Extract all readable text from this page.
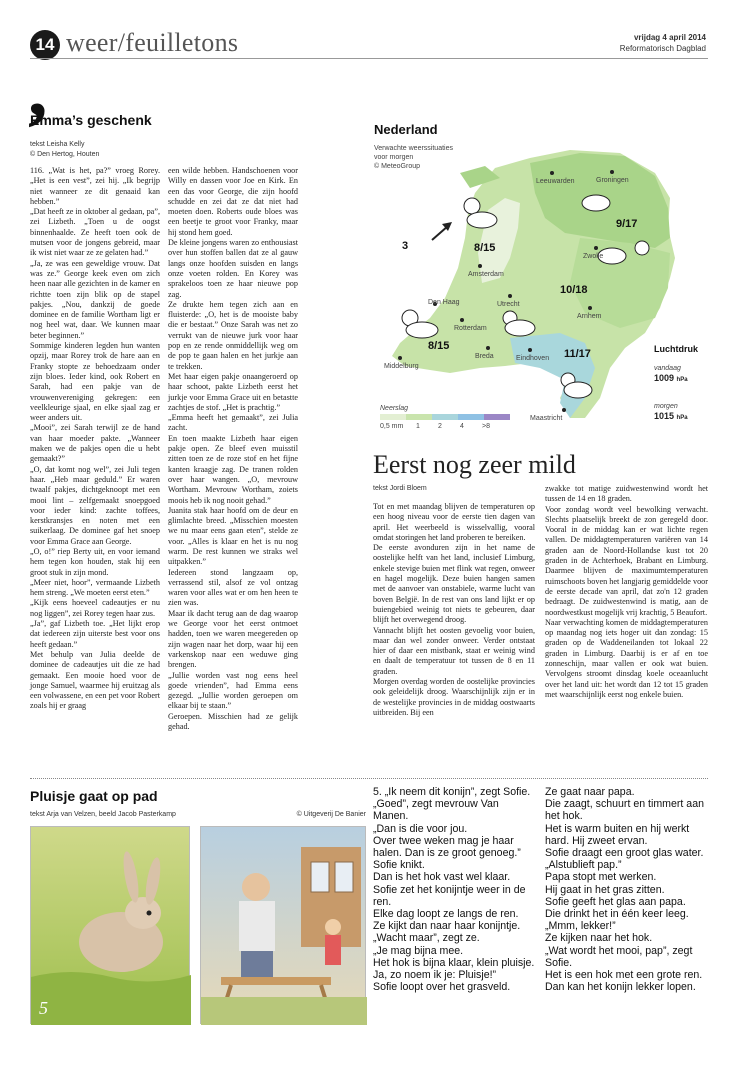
14 weer/feuilletons	vrijdag 4 april 2014
Reformatorisch Dagblad
,
Emma’s geschenk
tekst Leisha Kelly
© Den Hertog, Houten

116. „Wat is het, pa?” vroeg Rorey. „Het is een vest”, zei hij. „Ik begrijp niet wanneer ze dit genaaid kan hebben.”

„Dat heeft ze in oktober al gedaan, pa”, zei Lizbeth. „Toen u de oogst binnenhaalde. Ze heeft toen ook de mutsen voor de jongens gebreid, maar ik wist niet waar ze ze gelaten had.”

„Ja, ze was een geweldige vrouw. Dat was ze.” George keek even om zich heen naar alle gezichten in de kamer en richtte toen zijn blik op de stapel pakjes. „Nou, dankzij de goede dominee en de familie Wortham ligt er nog heel wat, daar. We kunnen maar beter beginnen.”

Sommige kinderen legden hun wanten opzij, maar Rorey trok de hare aan en Franky stopte ze behoedzaam onder zijn bloes. Ieder kind, ook Robert en Sarah, had een pakje van de vrouwenvereniging gekregen: een veelkleurige sjaal, en elke sjaal zag er weer anders uit.

„Mooi”, zei Sarah terwijl ze de hand van haar moeder pakte. „Wanneer maken we de pakjes open die u hebt gemaakt?”

„O, dat komt nog wel”, zei Juli tegen haar. „Heb maar geduld.” Er waren twaalf pakjes, dichtgeknoopt met een mooi lint – zelfgemaakt snoepgoed voor ieder kind: zachte toffees, kerstkransjes en noten met een suikerlaag. De dominee gaf het snoep voor Emma Grace aan George.

„O, o!” riep Berty uit, en voor iemand hem tegen kon houden, stak hij een groot stuk in zijn mond.

„Meer niet, hoor”, vermaande Lizbeth hem streng. „We moeten eerst eten.”

„Kijk eens hoeveel cadeautjes er nu nog liggen”, zei Rorey tegen haar zus.

„Ja”, gaf Lizbeth toe. „Het lijkt erop dat iedereen zijn uiterste best voor ons heeft gedaan.”

Met behulp van Julia deelde de dominee de cadeautjes uit die ze had gemaakt. Een mooie hoed voor de jonge Samuel, waarmee hij eruitzag als een volwassene, en een pet voor Robert zoals hij er graag

een wilde hebben. Handschoenen voor Willy en dassen voor Joe en Kirk. En een das voor George, die zijn hoofd schudde en zei dat ze dat niet had moeten doen. Roberts oude bloes was een beetje te groot voor Franky, maar hij stond hem goed.

De kleine jongens waren zo enthousiast over hun stoffen ballen dat ze al gauw langs onze hoofden suisden en langs onze voeten rolden. En Korey was sprakeloos toen ze haar nieuwe pop zag.

Ze drukte hem tegen zich aan en fluisterde: „O, het is de mooiste baby die er bestaat.” Onze Sarah was net zo verrukt van de nieuwe jurk voor haar pop en ze rende onmiddellijk weg om de pop te gaan halen en het jurkje aan te trekken.

Met haar eigen pakje onaangeroerd op haar schoot, pakte Lizbeth eerst het jurkje voor Emma Grace uit en betastte zachtjes de stof. „Het is prachtig.”

„Emma heeft het gemaakt”, zei Julia zacht.

En toen maakte Lizbeth haar eigen pakje open. Ze bleef even muisstil zitten toen ze de roze stof en het fijne kanten kraagje zag. De tranen rolden over haar wangen. „O, mevrouw Wortham. Mevrouw Wortham, zoiets moois heb ik nog nooit gehad.”

Juanita stak haar hoofd om de deur en glimlachte breed. „Misschien moesten we nu maar eens gaan eten”, stelde ze voor. „Alles is klaar en het is nu nog warm. De rest kunnen we straks wel uitpakken.”

Iedereen stond langzaam op, verrassend stil, alsof ze vol ontzag waren voor alles wat er om hen heen te zien was.

Maar ik dacht terug aan de dag waarop we George voor het eerst ontmoet hadden, toen we waren meegereden op zijn wagen naar het dorp, waar hij een varkenskop naar een weduwe ging brengen.

„Jullie worden vast nog eens heel goede vrienden”, had Emma eens gezegd. „Jullie worden geroepen om elkaar bij te staan.”

Geroepen. Misschien had ze gelijk gehad.

Nederland
Verwachte weerssituaties
voor morgen
© MeteoGroup
Leeuwarden	Groningen
Zwolle
Amsterdam
Den Haag	Utrecht
Rotterdam
Breda
Arnhem
Eindhoven
Middelburg
Maastricht
9/17
8/15
10/18
8/15
11/17
3
Neerslag
0,5 mm 1	2	4	>8
Luchtdruk
vandaag
1009 hPa
morgen
1015 hPa
Eerst nog zeer mild
tekst Jordi Bloem

Tot en met maandag blijven de temperaturen op een hoog niveau voor de eerste tien dagen van april. Het weerbeeld is wisselvallig, vooral omdat storingen het land proberen te bereiken.

De eerste avonduren zijn in het name de oostelijke helft van het land, inclusief Limburg, enkele stevige buien met flink wat regen, onweer en hagel mogelijk. Deze buien hangen samen met de aanvoer van onstabiele, warme lucht van boven België. In de rest van ons land lijkt er op buiengebied weinig tot niets te gebeuren, daar blijft het overwegend droog.

Vannacht blijft het oosten gevoelig voor buien, maar dan wel zonder onweer. Verder ontstaat hier of daar een mistbank, staat er weinig wind en daalt de temperatuur tot tussen de 8 en 11 graden.

Morgen overdag worden de oostelijke provincies ook geleidelijk droog. Waarschijnlijk zijn er in de westelijke provincies in de middag oostwaarts uitbreiden. Bij een

zwakke tot matige zuidwestenwind wordt het tussen de 14 en 18 graden.

Voor zondag wordt veel bewolking verwacht. Slechts plaatselijk breekt de zon geregeld door. Vooral in de middag kan er wat lichte regen vallen. De middagtemperaturen variëren van 14 graden aan de Noord-Hollandse kust tot 20 graden in de Achterhoek, Brabant en Limburg. Daarmee blijven de maximumtemperaturen ruimschoots boven het langjarig gemiddelde voor de eerste decade van april, dat zo'n 12 graden bedraagt. De zuidwestenwind is matig, aan de noordwestkust mogelijk vrij krachtig, 5 Beaufort.

Naar verwachting komen de middagtemperaturen op maandag nog iets hoger uit dan zondag: 15 graden op de Waddeneilanden tot lokaal 22 graden in Limburg. Daarbij is er af en toe zonneschijn, maar vallen er ook wat buien. Vervolgens stroomt dinsdag koele oceaanlucht over het land uit: het wordt dan 12 tot 15 graden met waarschijnlijk eerst nog enkele buien.

Pluisje gaat op pad
tekst Arja van Velzen, beeld Jacob Pasterkamp	© Uitgeverij De Banier
5

5. „Ik neem dit konijn”, zegt Sofie.

„Goed”, zegt mevrouw Van Manen.

„Dan is die voor jou.

Over twee weken mag je haar halen. Dan is ze groot genoeg.”

Sofie knikt.

Dan is het hok vast wel klaar.

Sofie zet het konijntje weer in de ren.

Elke dag loopt ze langs de ren.

Ze kijkt dan naar haar konijntje.

„Wacht maar”, zegt ze.

„Je mag bijna mee.

Het hok is bijna klaar, klein pluisje.

Ja, zo noem ik je: Pluisje!”

Sofie loopt over het grasveld.

Ze gaat naar papa.

Die zaagt, schuurt en timmert aan het hok.

Het is warm buiten en hij werkt hard. Hij zweet ervan.

Sofie draagt een groot glas water.

„Alstublieft pap.”

Papa stopt met werken.

Hij gaat in het gras zitten.

Sofie geeft het glas aan papa.

Die drinkt het in één keer leeg.

„Mmm, lekker!”

Ze kijken naar het hok.

„Wat wordt het mooi, pap”, zegt Sofie.

Het is een hok met een grote ren.

Dan kan het konijn lekker lopen.
